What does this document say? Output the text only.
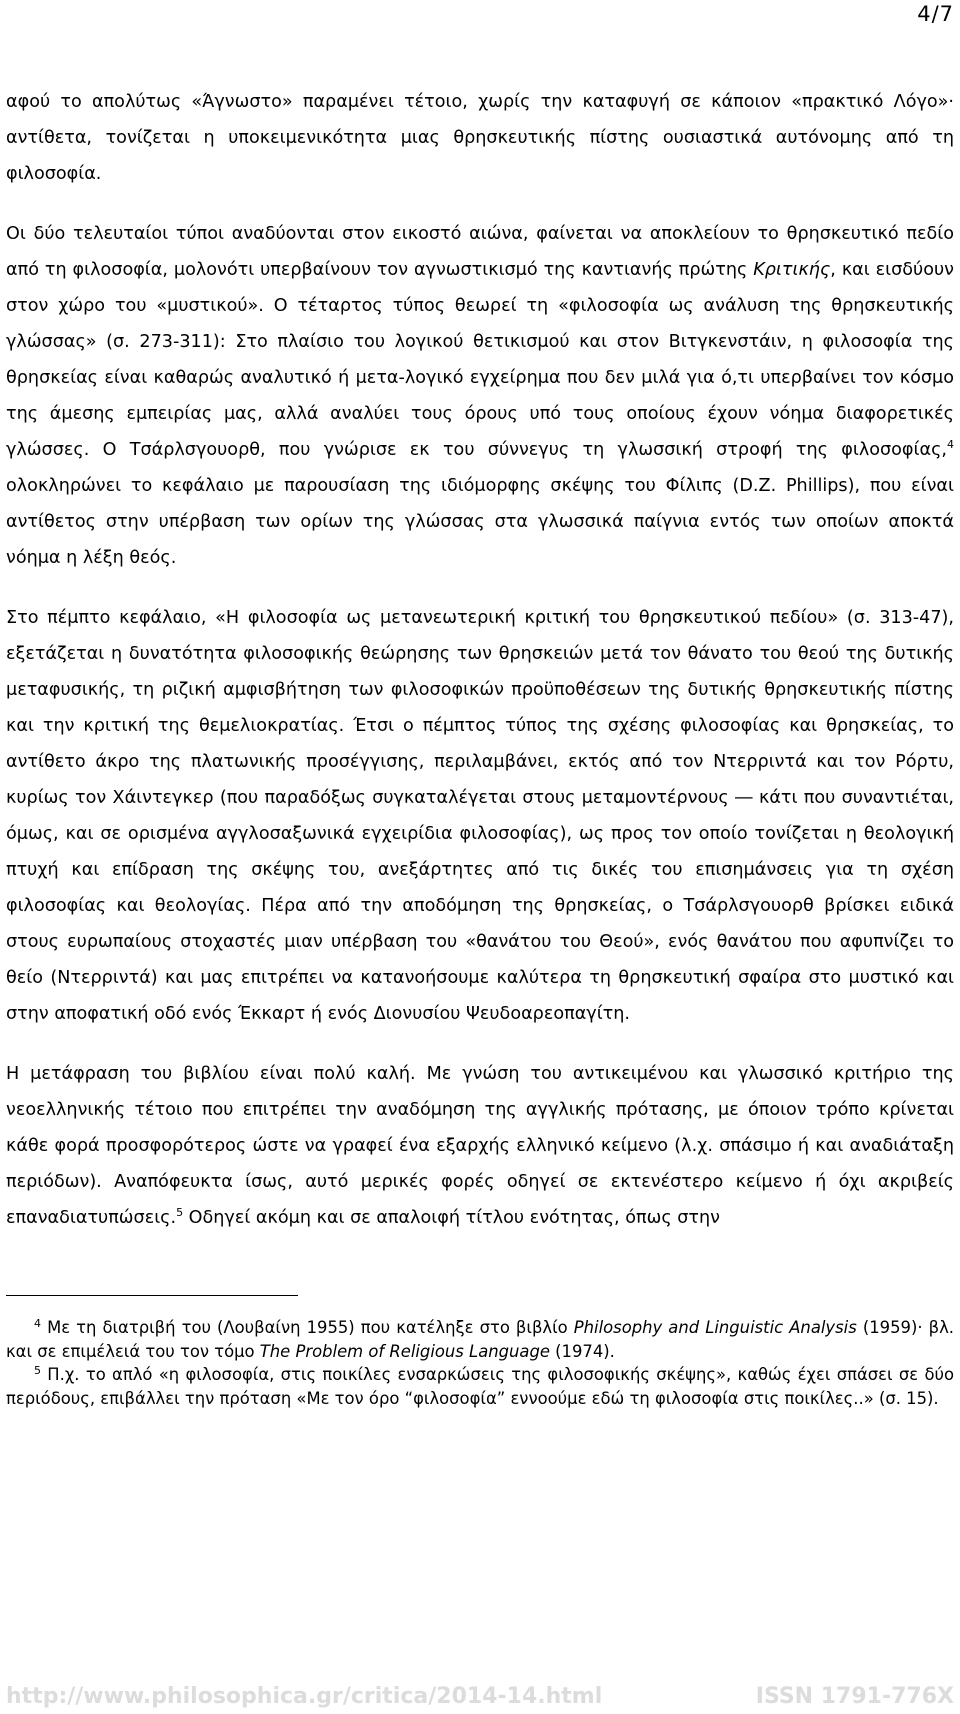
4/7

αφού το απολύτως «Άγνωστο» παραμένει τέτοιο, χωρίς την καταφυγή σε κάποιον «πρακτικό Λόγο»· αντίθετα, τονίζεται η υποκειμενικότητα μιας θρησκευτικής πίστης ουσιαστικά αυτόνομης από τη φιλοσοφία.

Οι δύο τελευταίοι τύποι αναδύονται στον εικοστό αιώνα, φαίνεται να αποκλείουν το θρησκευτικό πεδίο από τη φιλοσοφία, μολονότι υπερβαίνουν τον αγνωστικισμό της καντιανής πρώτης Κριτικής, και εισδύουν στον χώρο του «μυστικού». Ο τέταρτος τύπος θεωρεί τη «φιλοσοφία ως ανάλυση της θρησκευτικής γλώσσας» (σ. 273-311): Στο πλαίσιο του λογικού θετικισμού και στον Βιτγκενστάιν, η φιλοσοφία της θρησκείας είναι καθαρώς αναλυτικό ή μετα-λογικό εγχείρημα που δεν μιλά για ό,τι υπερβαίνει τον κόσμο της άμεσης εμπειρίας μας, αλλά αναλύει τους όρους υπό τους οποίους έχουν νόημα διαφορετικές γλώσσες. Ο Τσάρλσγουορθ, που γνώρισε εκ του σύννεγυς τη γλωσσική στροφή της φιλοσοφίας,$^4$ ολοκληρώνει το κεφάλαιο με παρουσίαση της ιδιόμορφης σκέψης του Φίλιπς (D.Z. Phillips), που είναι αντίθετος στην υπέρβαση των ορίων της γλώσσας στα γλωσσικά παίγνια εντός των οποίων αποκτά νόημα η λέξη θεός.

Στο πέμπτο κεφάλαιο, «Η φιλοσοφία ως μετανεωτερική κριτική του θρησκευτικού πεδίου» (σ. 313-47), εξετάζεται η δυνατότητα φιλοσοφικής θεώρησης των θρησκειών μετά τον θάνατο του θεού της δυτικής μεταφυσικής, τη ριζική αμφισβήτηση των φιλοσοφικών προϋποθέσεων της δυτικής θρησκευτικής πίστης και την κριτική της θεμελιοκρατίας. Έτσι ο πέμπτος τύπος της σχέσης φιλοσοφίας και θρησκείας, το αντίθετο άκρο της πλατωνικής προσέγγισης, περιλαμβάνει, εκτός από τον Ντερριντά και τον Ρόρτυ, κυρίως τον Χάιντεγκερ (που παραδόξως συγκαταλέγεται στους μεταμοντέρνους ― κάτι που συναντιέται, όμως, και σε ορισμένα αγγλοσαξωνικά εγχειρίδια φιλοσοφίας), ως προς τον οποίο τονίζεται η θεολογική πτυχή και επίδραση της σκέψης του, ανεξάρτητες από τις δικές του επισημάνσεις για τη σχέση φιλοσοφίας και θεολογίας. Πέρα από την αποδόμηση της θρησκείας, ο Τσάρλσγουορθ βρίσκει ειδικά στους ευρωπαίους στοχαστές μιαν υπέρβαση του «θανάτου του Θεού», ενός θανάτου που αφυπνίζει το θείο (Ντερριντά) και μας επιτρέπει να κατανοήσουμε καλύτερα τη θρησκευτική σφαίρα στο μυστικό και στην αποφατική οδό ενός Έκκαρτ ή ενός Διονυσίου Ψευδοαρεοπαγίτη.

Η μετάφραση του βιβλίου είναι πολύ καλή. Με γνώση του αντικειμένου και γλωσσικό κριτήριο της νεοελληνικής τέτοιο που επιτρέπει την αναδόμηση της αγγλικής πρότασης, με όποιον τρόπο κρίνεται κάθε φορά προσφορότερος ώστε να γραφεί ένα εξαρχής ελληνικό κείμενο (λ.χ. σπάσιμο ή και αναδιάταξη περιόδων). Αναπόφευκτα ίσως, αυτό μερικές φορές οδηγεί σε εκτενέστερο κείμενο ή όχι ακριβείς επαναδιατυπώσεις.$^5$ Οδηγεί ακόμη και σε απαλοιφή τίτλου ενότητας, όπως στην

$^4$ Με τη διατριβή του (Λουβαίνη 1955) που κατέληξε στο βιβλίο Philosophy and Linguistic Analysis (1959)· βλ. και σε επιμέλειά του τον τόμο The Problem of Religious Language (1974).

$^5$ Π.χ. το απλό «η φιλοσοφία, στις ποικίλες ενσαρκώσεις της φιλοσοφικής σκέψης», καθώς έχει σπάσει σε δύο περιόδους, επιβάλλει την πρόταση «Με τον όρο “φιλοσοφία” εννοούμε εδώ τη φιλοσοφία στις ποικίλες..» (σ. 15).

http://www.philosophica.gr/critica/2014-14.html	ISSN 1791-776X
